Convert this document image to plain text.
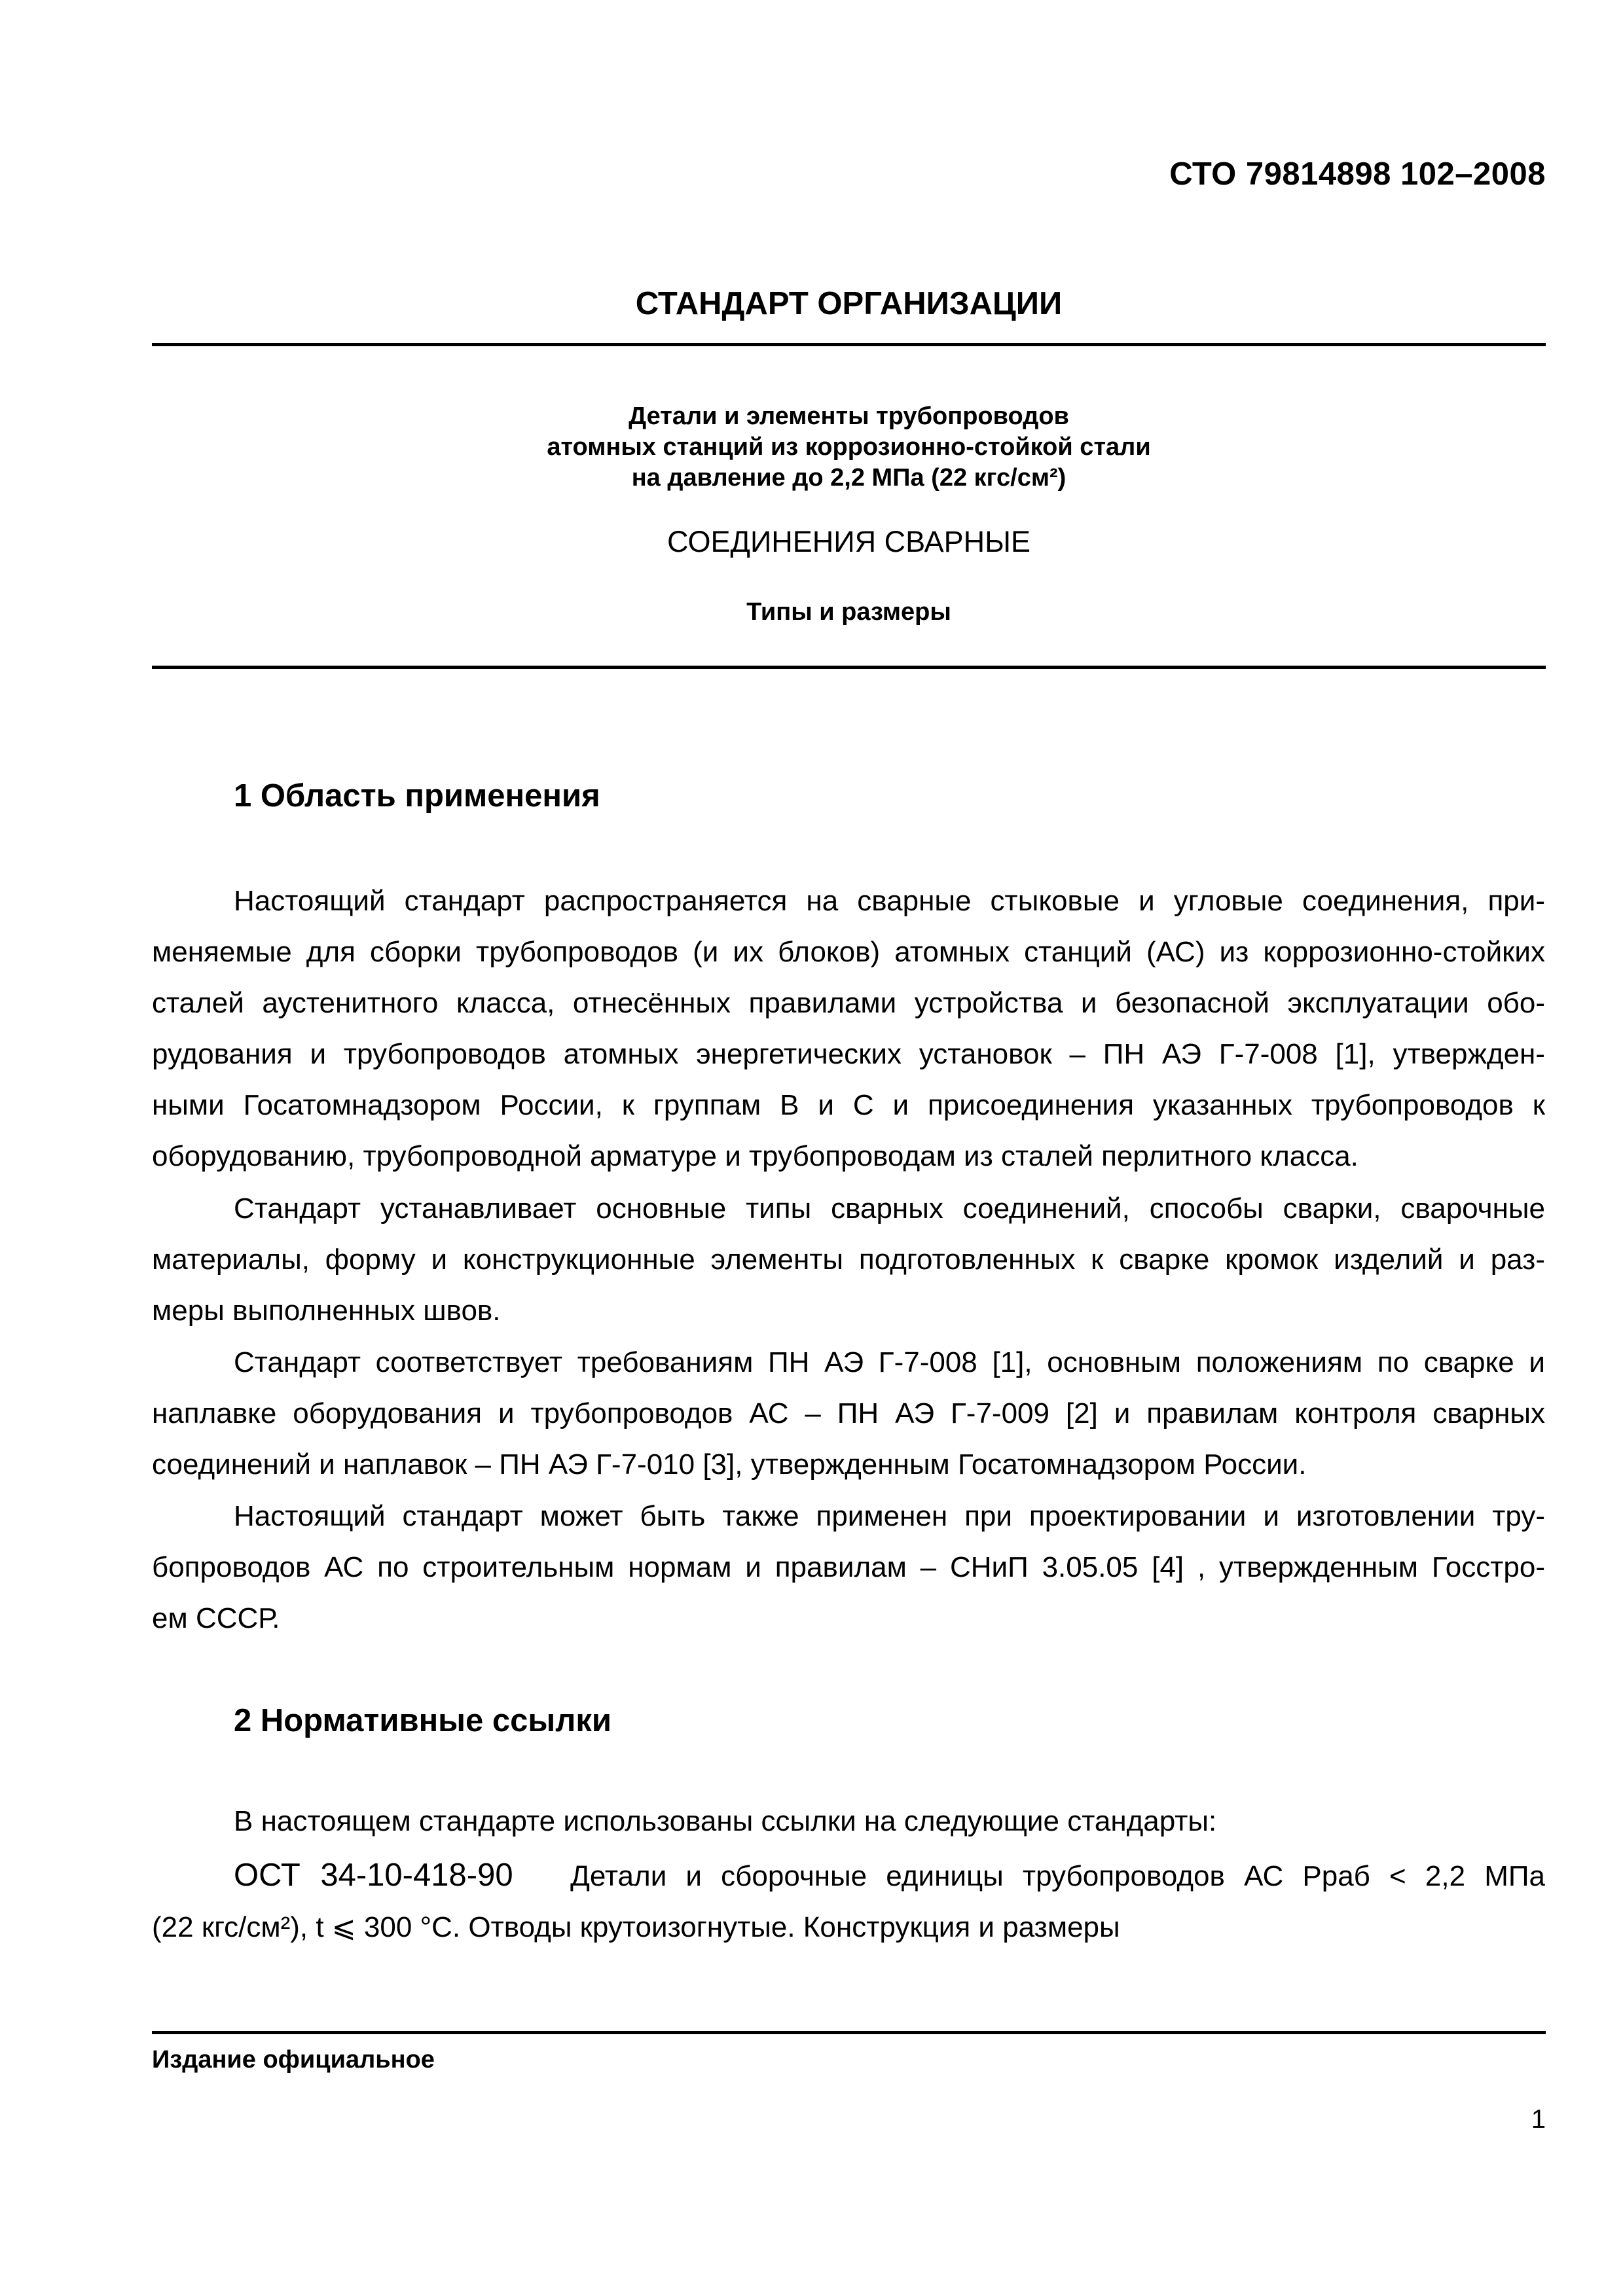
СТО 79814898 102–2008
СТАНДАРТ ОРГАНИЗАЦИИ
Детали и элементы трубопроводов
атомных станций из коррозионно-стойкой стали
на давление до 2,2 МПа (22 кгс/см²)
СОЕДИНЕНИЯ СВАРНЫЕ
Типы и размеры
1 Область применения
Настоящий стандарт распространяется на сварные стыковые и угловые соединения, при-
меняемые для сборки трубопроводов (и их блоков) атомных станций (АС) из коррозионно-стойких
сталей аустенитного класса, отнесённых правилами устройства и безопасной эксплуатации обо-
рудования и трубопроводов атомных энергетических установок – ПН АЭ Г-7-008 [1], утвержден-
ными Госатомнадзором России, к группам В и С и присоединения указанных трубопроводов к
оборудованию, трубопроводной арматуре и трубопроводам из сталей перлитного класса.
Стандарт устанавливает основные типы сварных соединений, способы сварки, сварочные
материалы, форму и конструкционные элементы подготовленных к сварке кромок изделий и раз-
меры выполненных швов.
Стандарт соответствует требованиям ПН АЭ Г-7-008 [1], основным положениям по сварке и
наплавке оборудования и трубопроводов АС – ПН АЭ Г-7-009 [2] и правилам контроля сварных
соединений и наплавок – ПН АЭ Г-7-010 [3], утвержденным Госатомнадзором России.
Настоящий стандарт может быть также применен при проектировании и изготовлении тру-
бопроводов АС по строительным нормам и правилам – СНиП 3.05.05 [4] , утвержденным Госстро-
ем СССР.
2 Нормативные ссылки
В настоящем стандарте использованы ссылки на следующие стандарты:
ОСТ 34-10-418-90 Детали и сборочные единицы трубопроводов АС Рраб < 2,2 МПа
(22 кгс/см²), t ⩽ 300 °С. Отводы крутоизогнутые. Конструкция и размеры
Издание официальное
1
